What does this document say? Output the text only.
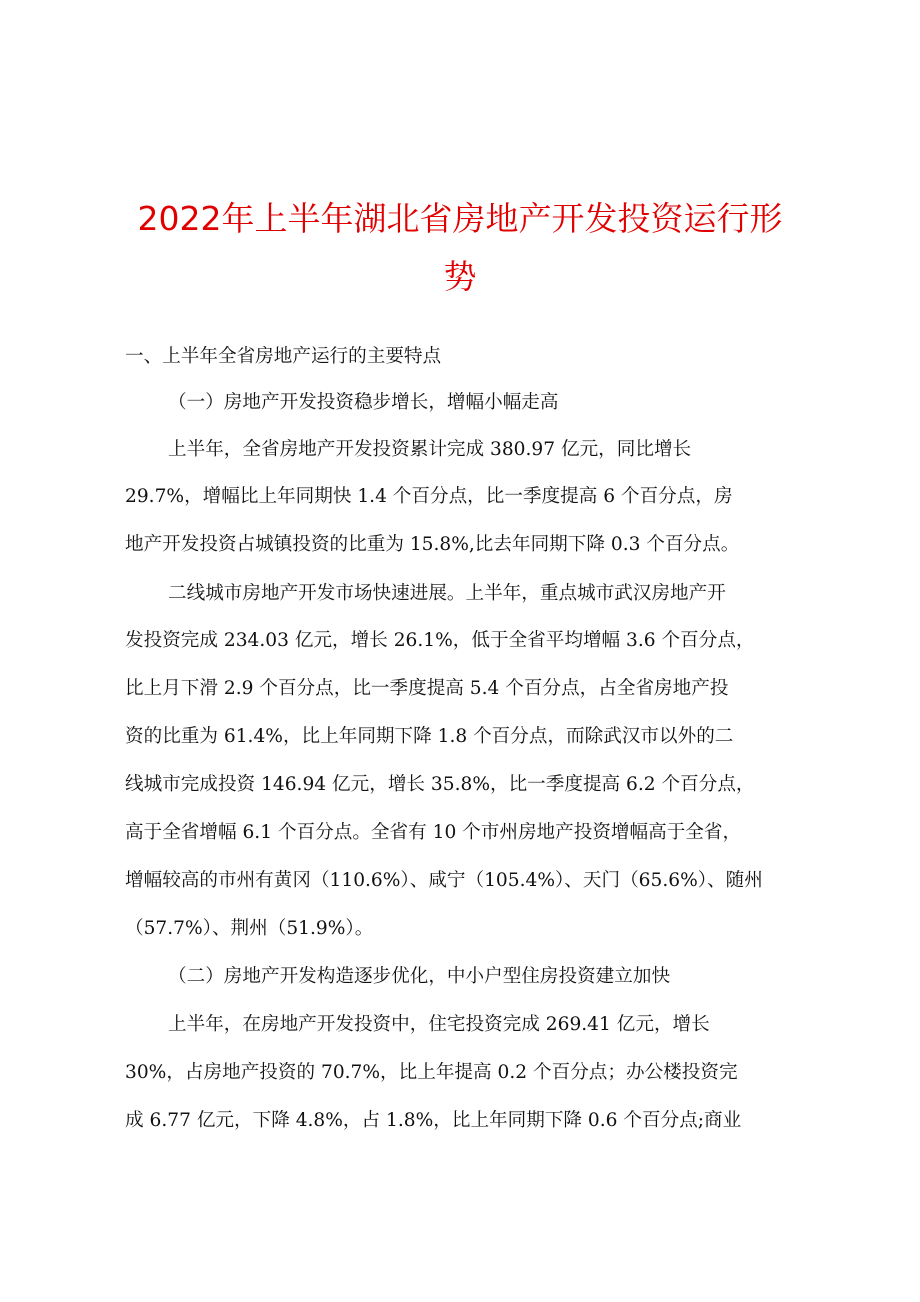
2022年上半年湖北省房地产开发投资运行形
势
一、上半年全省房地产运行的主要特点
（一）房地产开发投资稳步增长，增幅小幅走高
上半年，全省房地产开发投资累计完成 380.97 亿元，同比增长
29.7%，增幅比上年同期快 1.4 个百分点，比一季度提高 6 个百分点，房
地产开发投资占城镇投资的比重为 15.8%,比去年同期下降 0.3 个百分点。
二线城市房地产开发市场快速进展。上半年，重点城市武汉房地产开
发投资完成 234.03 亿元，增长 26.1%，低于全省平均增幅 3.6 个百分点，
比上月下滑 2.9 个百分点，比一季度提高 5.4 个百分点，占全省房地产投
资的比重为 61.4%，比上年同期下降 1.8 个百分点，而除武汉市以外的二
线城市完成投资 146.94 亿元，增长 35.8%，比一季度提高 6.2 个百分点，
高于全省增幅 6.1 个百分点。全省有 10 个市州房地产投资增幅高于全省，
增幅较高的市州有黄冈（110.6%）、咸宁（105.4%）、天门（65.6%）、随州
（57.7%）、荆州（51.9%）。
（二）房地产开发构造逐步优化，中小户型住房投资建立加快
上半年，在房地产开发投资中，住宅投资完成 269.41 亿元，增长
30%，占房地产投资的 70.7%，比上年提高 0.2 个百分点；办公楼投资完
成 6.77 亿元，下降 4.8%，占 1.8%，比上年同期下降 0.6 个百分点;商业
